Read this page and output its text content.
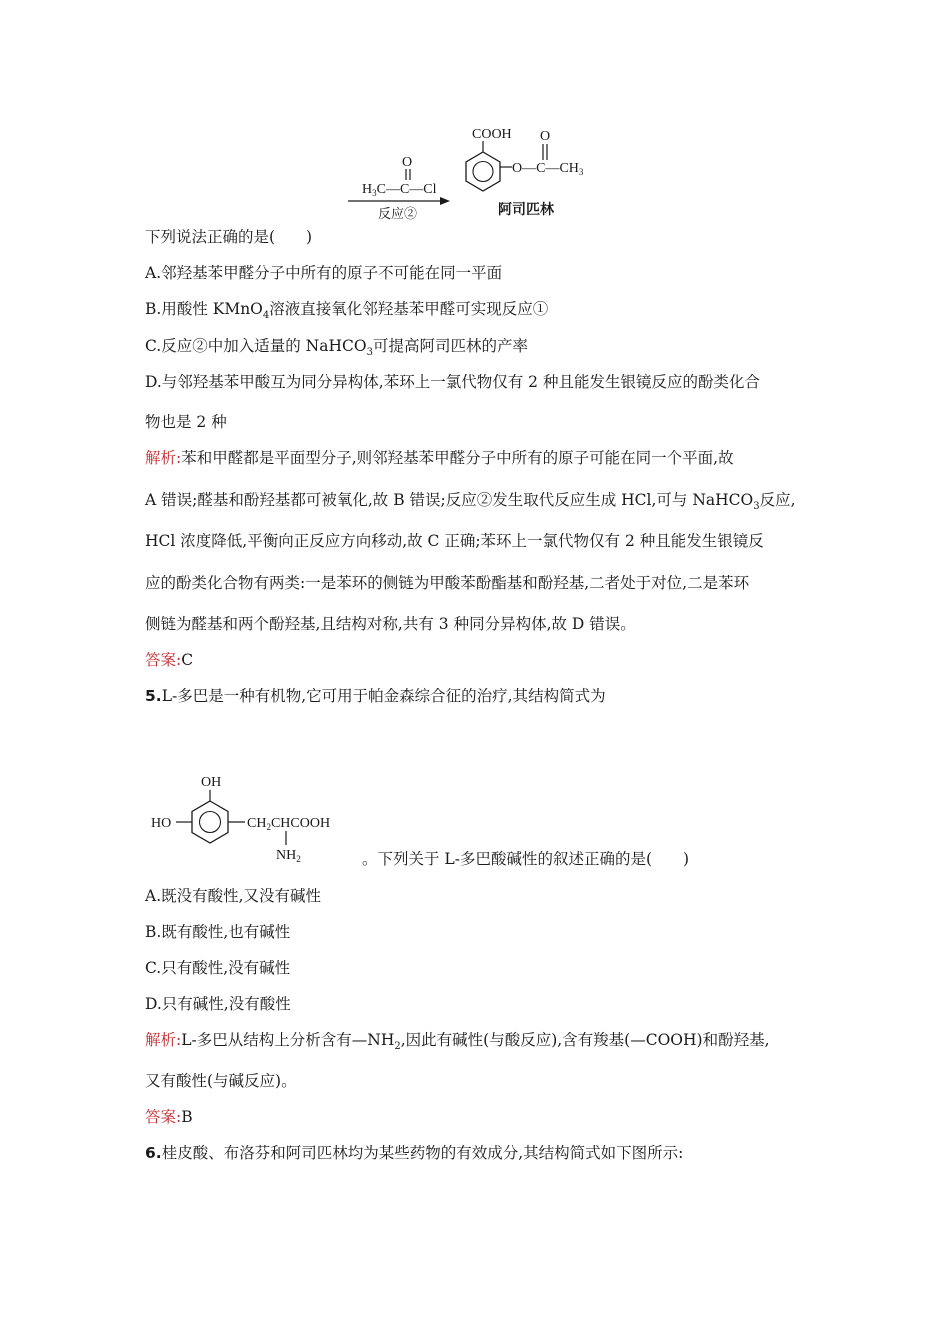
O
$H_3C—C—Cl$
反应②
COOH O
$O—C—CH_3$
阿司匹林
下列说法正确的是(　　)
A.邻羟基苯甲醛分子中所有的原子不可能在同一平面
B.用酸性 KMnO$_4$溶液直接氧化邻羟基苯甲醛可实现反应①
C.反应②中加入适量的 NaHCO$_3$可提高阿司匹林的产率
D.与邻羟基苯甲酸互为同分异构体,苯环上一氯代物仅有 2 种且能发生银镜反应的酚类化合
物也是 2 种
解析:苯和甲醛都是平面型分子,则邻羟基苯甲醛分子中所有的原子可能在同一个平面,故
A 错误;醛基和酚羟基都可被氧化,故 B 错误;反应②发生取代反应生成 HCl,可与 NaHCO$_3$反应,
HCl 浓度降低,平衡向正反应方向移动,故 C 正确;苯环上一氯代物仅有 2 种且能发生银镜反
应的酚类化合物有两类:一是苯环的侧链为甲酸苯酚酯基和酚羟基,二者处于对位,二是苯环
侧链为醛基和两个酚羟基,且结构对称,共有 3 种同分异构体,故 D 错误。
答案:C
5.L-多巴是一种有机物,它可用于帕金森综合征的治疗,其结构简式为
OH
HO	$CH_2CHCOOH$
$NH_2$	。下列关于 L-多巴酸碱性的叙述正确的是(　　)
A.既没有酸性,又没有碱性
B.既有酸性,也有碱性
C.只有酸性,没有碱性
D.只有碱性,没有酸性
解析:L-多巴从结构上分析含有$—NH_2$,因此有碱性(与酸反应),含有羧基(—COOH)和酚羟基,
又有酸性(与碱反应)。
答案:B
6.桂皮酸、布洛芬和阿司匹林均为某些药物的有效成分,其结构简式如下图所示:
